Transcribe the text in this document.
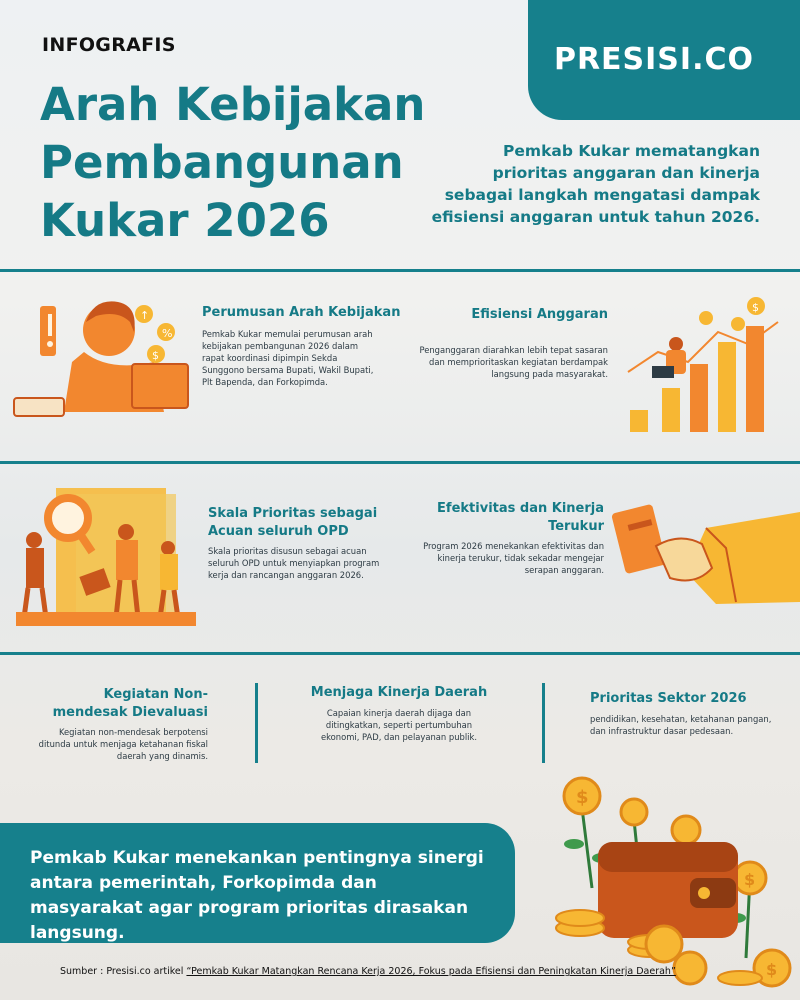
INFOGRAFIS
Arah Kebijakan Pembangunan Kukar 2026
PRESISI.CO
Pemkab Kukar mematangkan prioritas anggaran dan kinerja sebagai langkah mengatasi dampak efisiensi anggaran untuk tahun 2026.
↑
%
$
Perumusan Arah Kebijakan
Pemkab Kukar memulai perumusan arah kebijakan pembangunan 2026 dalam rapat koordinasi dipimpin Sekda Sunggono bersama Bupati, Wakil Bupati, Plt Bapenda, dan Forkopimda.
Efisiensi Anggaran
Penganggaran diarahkan lebih tepat sasaran dan memprioritaskan kegiatan berdampak langsung pada masyarakat.
$
Skala Prioritas sebagai Acuan seluruh OPD
Skala prioritas disusun sebagai acuan seluruh OPD untuk menyiapkan program kerja dan rancangan anggaran 2026.
Efektivitas dan Kinerja Terukur
Program 2026 menekankan efektivitas dan kinerja terukur, tidak sekadar mengejar serapan anggaran.
Kegiatan Non-mendesak Dievaluasi
Kegiatan non-mendesak berpotensi ditunda untuk menjaga ketahanan fiskal daerah yang dinamis.
Menjaga Kinerja Daerah
Capaian kinerja daerah dijaga dan ditingkatkan, seperti pertumbuhan ekonomi, PAD, dan pelayanan publik.
Prioritas Sektor 2026
pendidikan, kesehatan, ketahanan pangan, dan infrastruktur dasar pedesaan.
Pemkab Kukar menekankan pentingnya sinergi antara pemerintah, Forkopimda dan masyarakat agar program prioritas dirasakan langsung.
$
$
$
Sumber : Presisi.co artikel “Pemkab Kukar Matangkan Rencana Kerja 2026, Fokus pada Efisiensi dan Peningkatan Kinerja Daerah”
